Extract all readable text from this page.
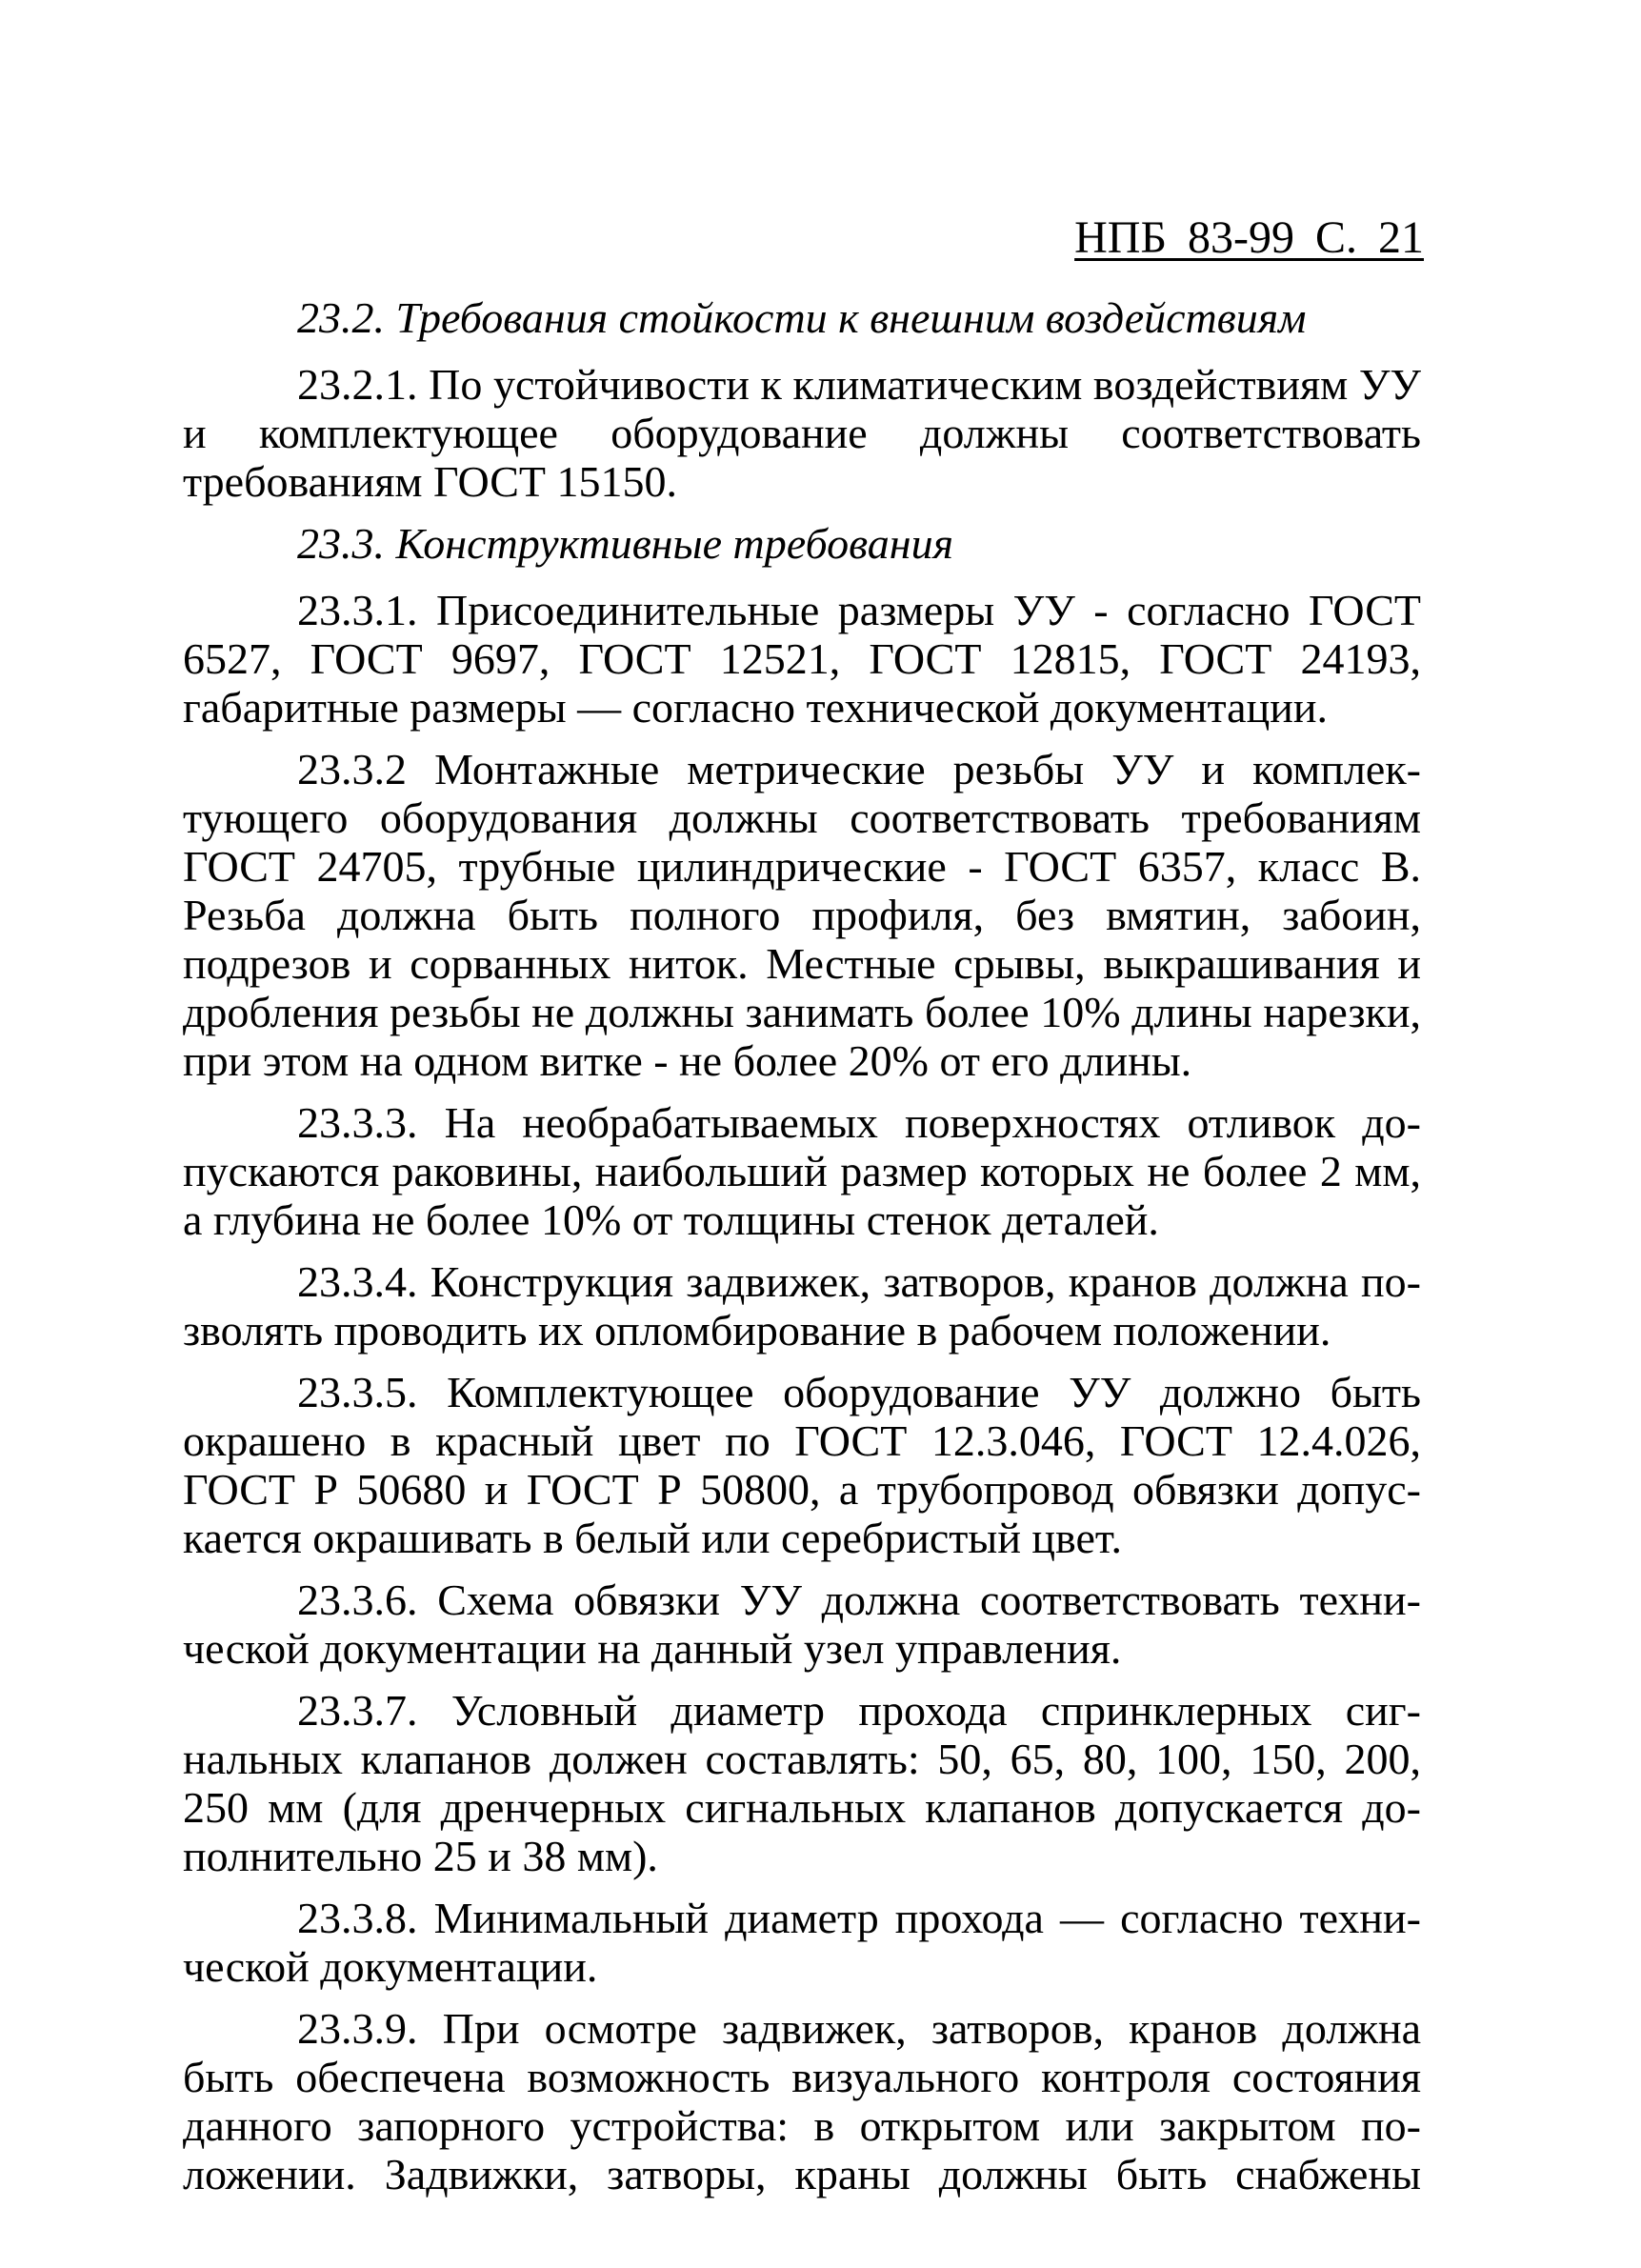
НПБ 83-99 С. 21
23.2. Требования стойкости к внешним воздействиям

23.2.1. По устойчивости к климатическим воздействиям УУ и комплектующее оборудование должны соответствовать требованиям ГОСТ 15150.

23.3. Конструктивные требования

23.3.1. Присоединительные размеры УУ - согласно ГОСТ 6527, ГОСТ 9697, ГОСТ 12521, ГОСТ 12815, ГОСТ 24193, габаритные размеры — согласно технической документации.

23.3.2 Монтажные метрические резьбы УУ и комплектующего оборудования должны соответствовать требованиям ГОСТ 24705, трубные цилиндрические - ГОСТ 6357, класс В. Резьба должна быть полного профиля, без вмятин, забоин, подрезов и сорванных ниток. Местные срывы, выкрашивания и дробления резьбы не должны занимать более 10% длины нарезки, при этом на одном витке - не более 20% от его длины.

23.3.3. На необрабатываемых поверхностях отливок допускаются раковины, наибольший размер которых не более 2 мм, а глубина не более 10% от толщины стенок деталей.

23.3.4. Конструкция задвижек, затворов, кранов должна позволять проводить их опломбирование в рабочем положении.

23.3.5. Комплектующее оборудование УУ должно быть окрашено в красный цвет по ГОСТ 12.3.046, ГОСТ 12.4.026, ГОСТ Р 50680 и ГОСТ Р 50800, а трубопровод обвязки допускается окрашивать в белый или серебристый цвет.

23.3.6. Схема обвязки УУ должна соответствовать технической документации на данный узел управления.

23.3.7. Условный диаметр прохода спринклерных сигнальных клапанов должен составлять: 50, 65, 80, 100, 150, 200, 250 мм (для дренчерных сигнальных клапанов допускается дополнительно 25 и 38 мм).

23.3.8. Минимальный диаметр прохода — согласно технической документации.

23.3.9. При осмотре задвижек, затворов, кранов должна быть обеспечена возможность визуального контроля состояния данного запорного устройства: в открытом или закрытом положении. Задвижки, затворы, краны должны быть снабжены
